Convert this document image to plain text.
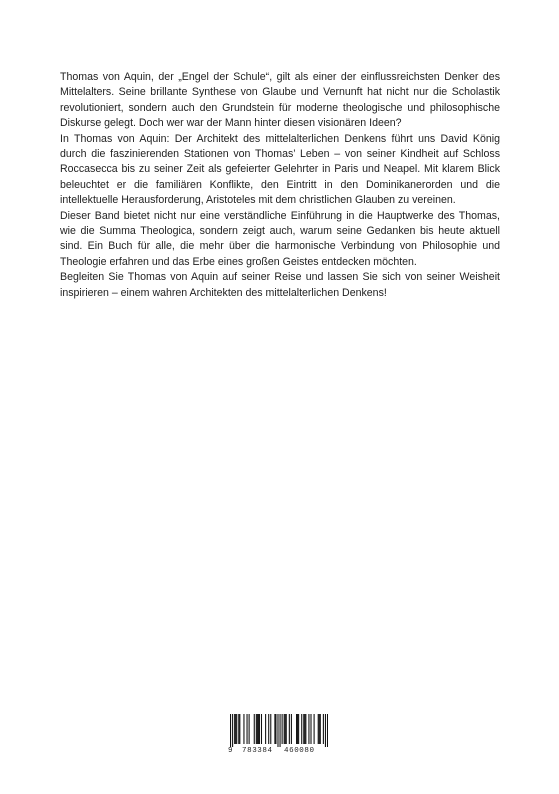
Thomas von Aquin, der „Engel der Schule“, gilt als einer der einflussreichsten Denker des Mittelalters. Seine brillante Synthese von Glaube und Vernunft hat nicht nur die Scholastik revolutioniert, sondern auch den Grundstein für moderne theologische und philosophische Diskurse gelegt. Doch wer war der Mann hinter diesen visionären Ideen?

In Thomas von Aquin: Der Architekt des mittelalterlichen Denkens führt uns David König durch die faszinierenden Stationen von Thomas’ Leben – von seiner Kindheit auf Schloss Roccasecca bis zu seiner Zeit als gefeierter Gelehrter in Paris und Neapel. Mit klarem Blick beleuchtet er die familiären Konflikte, den Eintritt in den Dominikanerorden und die intellektuelle Herausforderung, Aristoteles mit dem christlichen Glauben zu vereinen.

Dieser Band bietet nicht nur eine verständliche Einführung in die Hauptwerke des Thomas, wie die Summa Theologica, sondern zeigt auch, warum seine Gedanken bis heute aktuell sind. Ein Buch für alle, die mehr über die harmonische Verbindung von Philosophie und Theologie erfahren und das Erbe eines großen Geistes entdecken möchten.

Begleiten Sie Thomas von Aquin auf seiner Reise und lassen Sie sich von seiner Weisheit inspirieren – einem wahren Architekten des mittelalterlichen Denkens!

9 783384 460080
